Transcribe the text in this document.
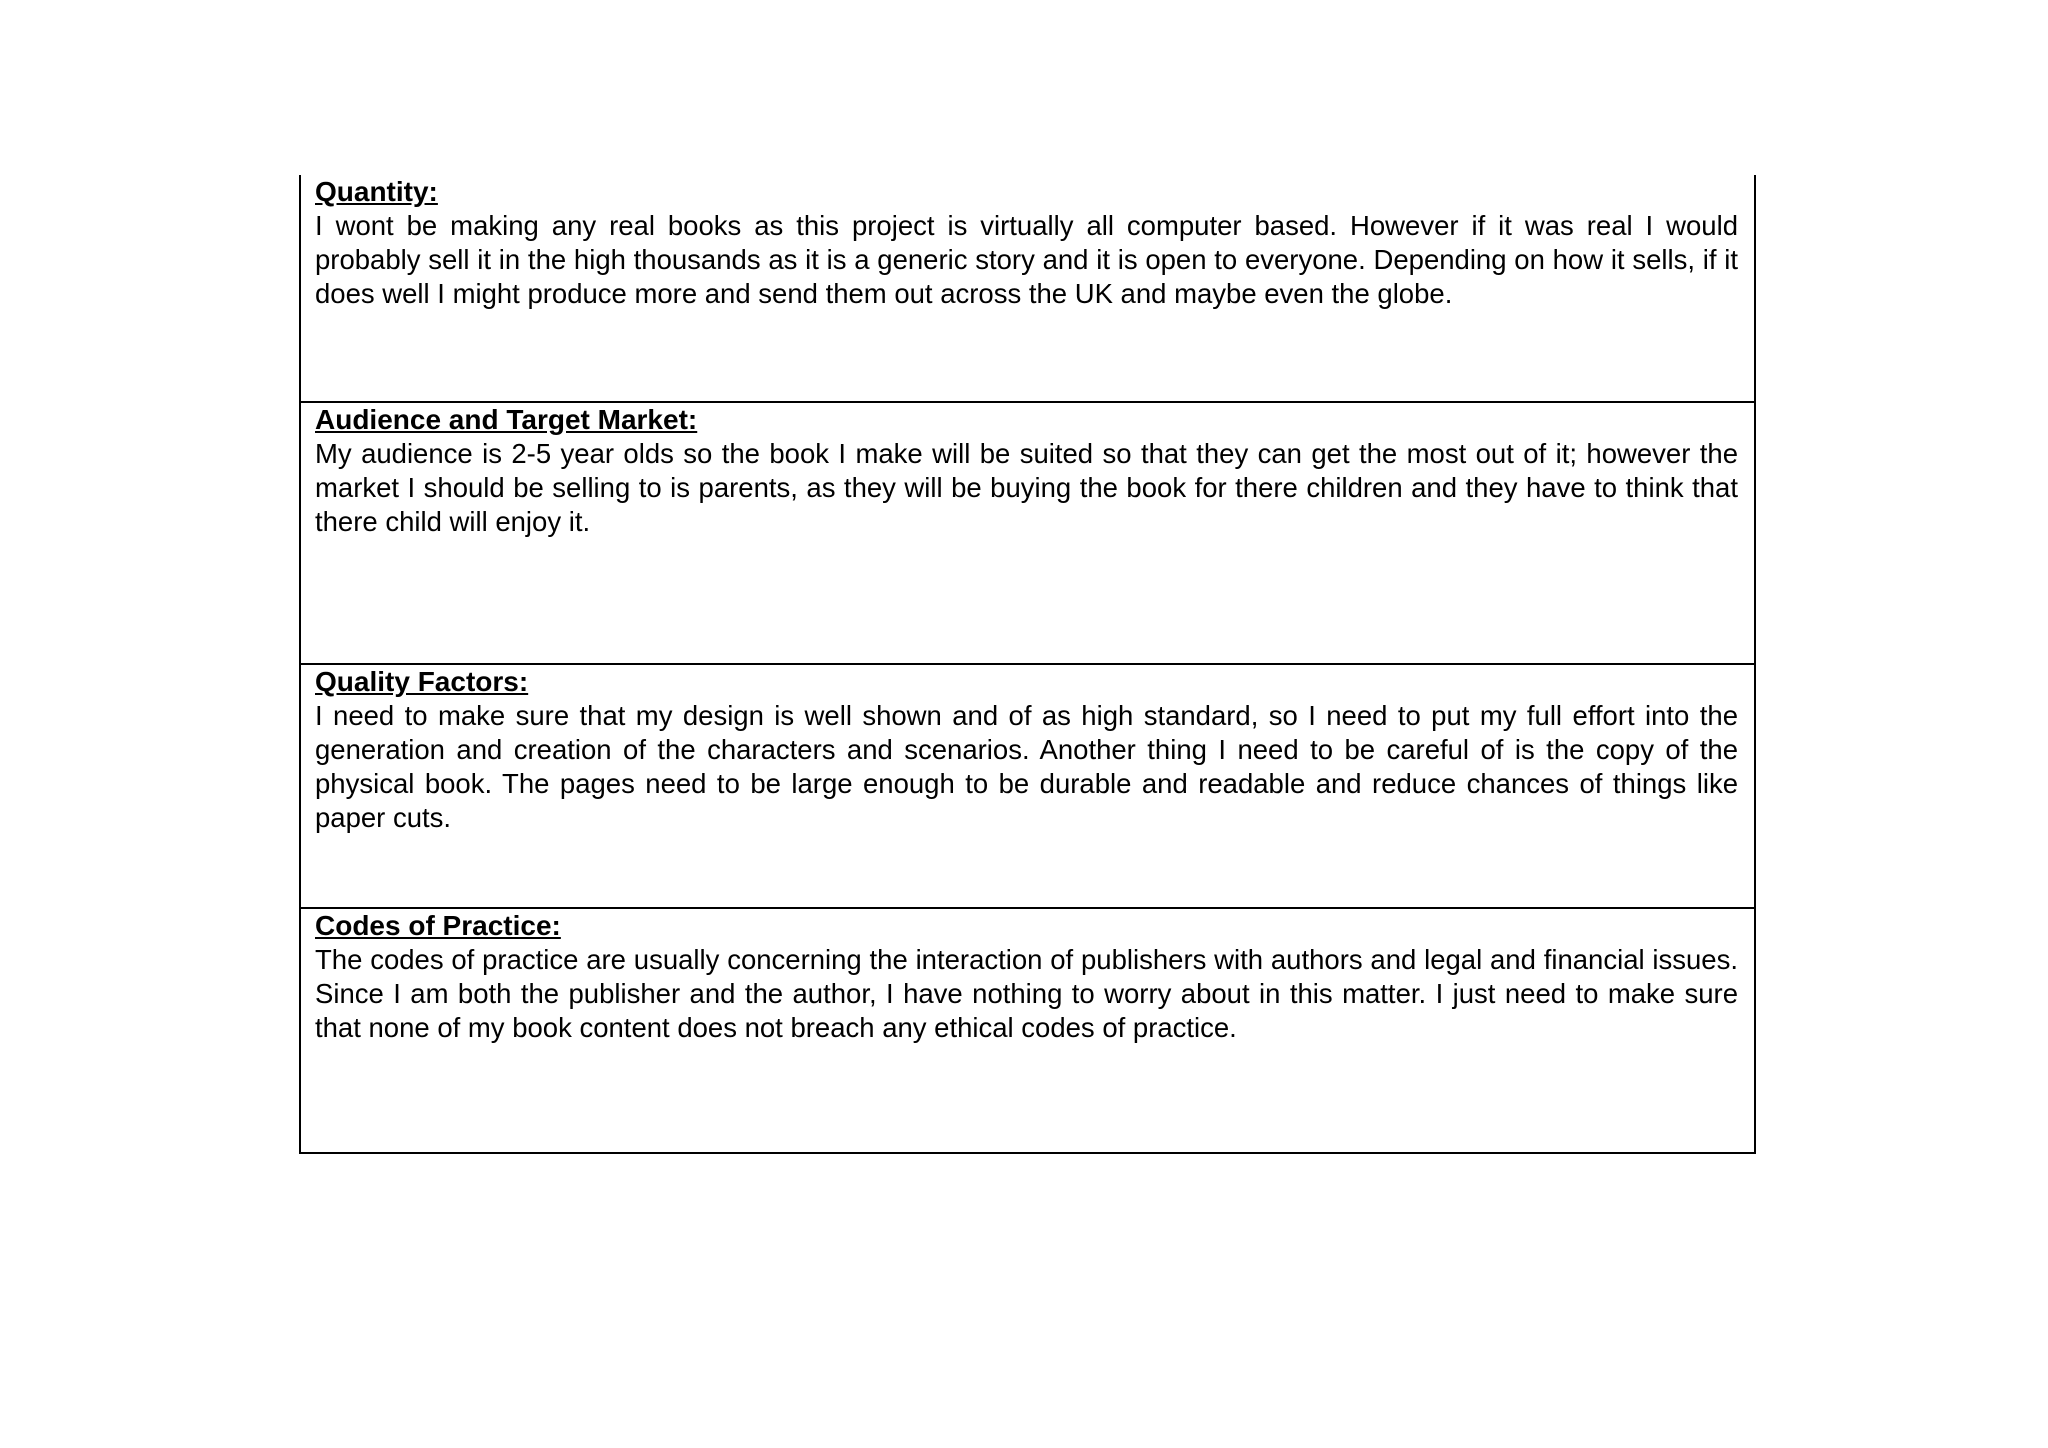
Quantity:

I wont be making any real books as this project is virtually all computer based. However if it was real I would probably sell it in the high thousands as it is a generic story and it is open to everyone. Depending on how it sells, if it does well I might produce more and send them out across the UK and maybe even the globe.

Audience and Target Market:

My audience is 2-5 year olds so the book I make will be suited so that they can get the most out of it; however the market I should be selling to is parents, as they will be buying the book for there children and they have to think that there child will enjoy it.

Quality Factors:

I need to make sure that my design is well shown and of as high standard, so I need to put my full effort into the generation and creation of the characters and scenarios. Another thing I need to be careful of is the copy of the physical book. The pages need to be large enough to be durable and readable and reduce chances of things like paper cuts.

Codes of Practice:

The codes of practice are usually concerning the interaction of publishers with authors and legal and financial issues. Since I am both the publisher and the author, I have nothing to worry about in this matter. I just need to make sure that none of my book content does not breach any ethical codes of practice.
